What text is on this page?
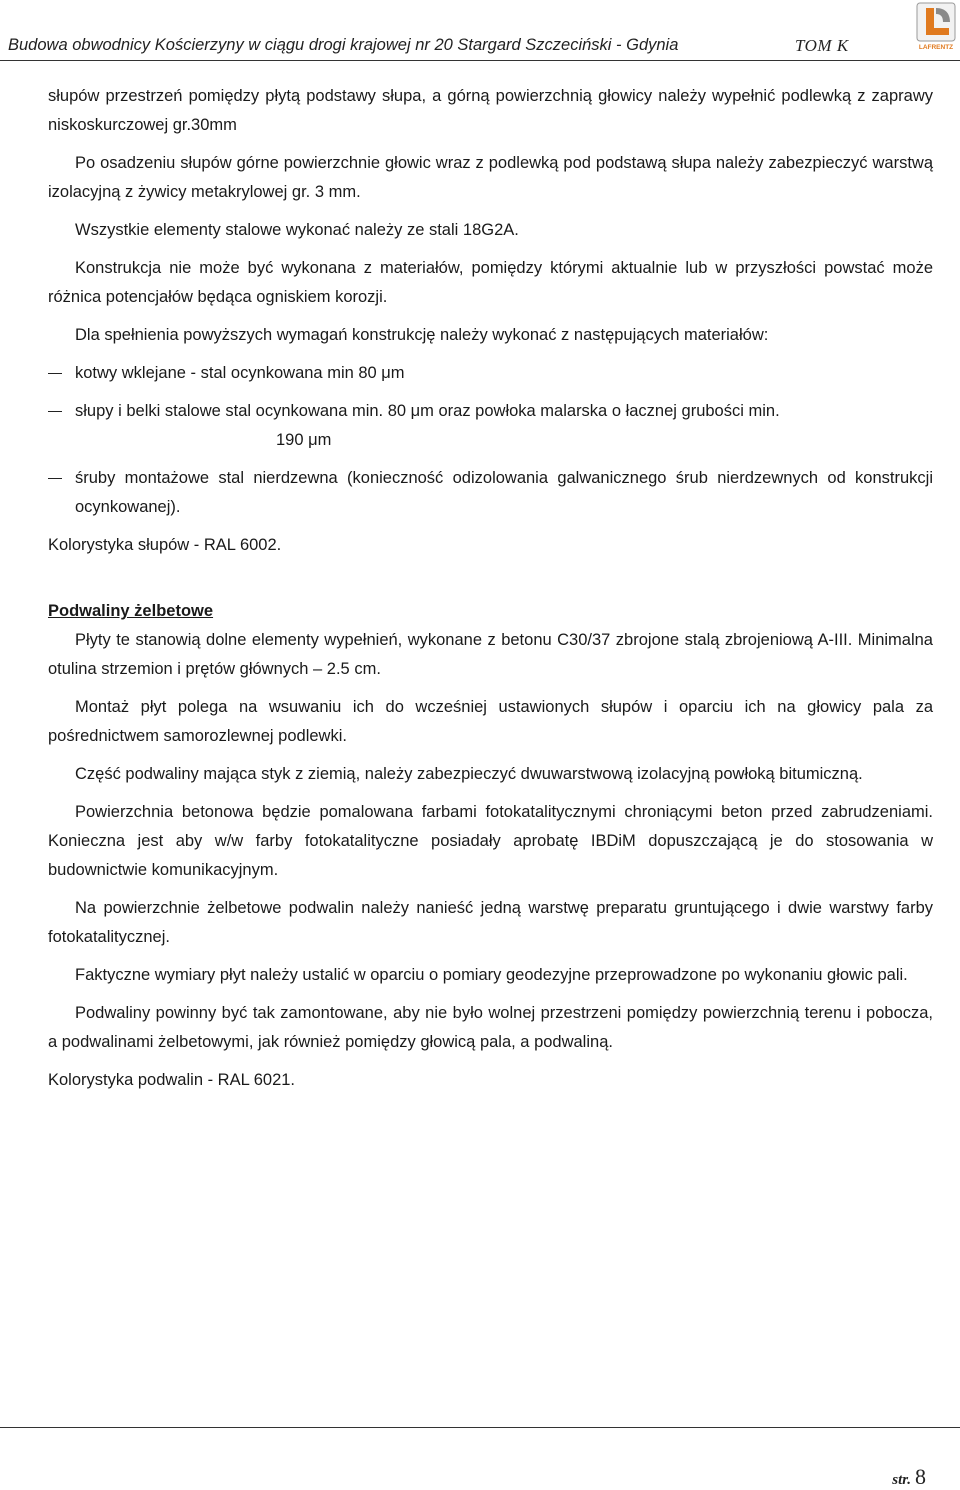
Budowa obwodnicy Kościerzyny w ciągu drogi krajowej nr 20 Stargard Szczeciński - Gdynia	TOM K	LAFRENTZ

słupów przestrzeń pomiędzy płytą podstawy słupa, a górną powierzchnią głowicy należy wypełnić podlewką z zaprawy niskoskurczowej gr.30mm

Po osadzeniu słupów górne powierzchnie głowic wraz z podlewką pod podstawą słupa należy zabezpieczyć warstwą izolacyjną z żywicy metakrylowej gr. 3 mm.

Wszystkie elementy stalowe wykonać należy ze stali 18G2A.

Konstrukcja nie może być wykonana z materiałów, pomiędzy którymi aktualnie lub w przyszłości powstać może różnica potencjałów będąca ogniskiem korozji.

Dla spełnienia powyższych wymagań konstrukcję należy wykonać z następujących materiałów:

kotwy wklejane - stal ocynkowana min 80 μm

słupy i belki stalowe stal ocynkowana min. 80 μm oraz powłoka malarska o łacznej grubości min.

190 μm

śruby montażowe stal nierdzewna (konieczność odizolowania galwanicznego śrub nierdzewnych od konstrukcji ocynkowanej).

Kolorystyka słupów - RAL 6002.

Podwaliny żelbetowe

Płyty te stanowią dolne elementy wypełnień, wykonane z betonu C30/37 zbrojone stalą zbrojeniową A-III. Minimalna otulina strzemion i prętów głównych – 2.5 cm.

Montaż płyt polega na wsuwaniu ich do wcześniej ustawionych słupów i oparciu ich na głowicy pala za pośrednictwem samorozlewnej podlewki.

Część podwaliny mająca styk z ziemią, należy zabezpieczyć dwuwarstwową izolacyjną powłoką bitumiczną.

Powierzchnia betonowa będzie pomalowana farbami fotokatalitycznymi chroniącymi beton przed zabrudzeniami. Konieczna jest aby w/w farby fotokatalityczne posiadały aprobatę IBDiM dopuszczającą je do stosowania w budownictwie komunikacyjnym.

Na powierzchnie żelbetowe podwalin należy nanieść jedną warstwę preparatu gruntującego i dwie warstwy farby fotokatalitycznej.

Faktyczne wymiary płyt należy ustalić w oparciu o pomiary geodezyjne przeprowadzone po wykonaniu głowic pali.

Podwaliny powinny być tak zamontowane, aby nie było wolnej przestrzeni pomiędzy powierzchnią terenu i pobocza, a podwalinami żelbetowymi, jak również pomiędzy głowicą pala, a podwaliną.

Kolorystyka podwalin - RAL 6021.

str. 8
